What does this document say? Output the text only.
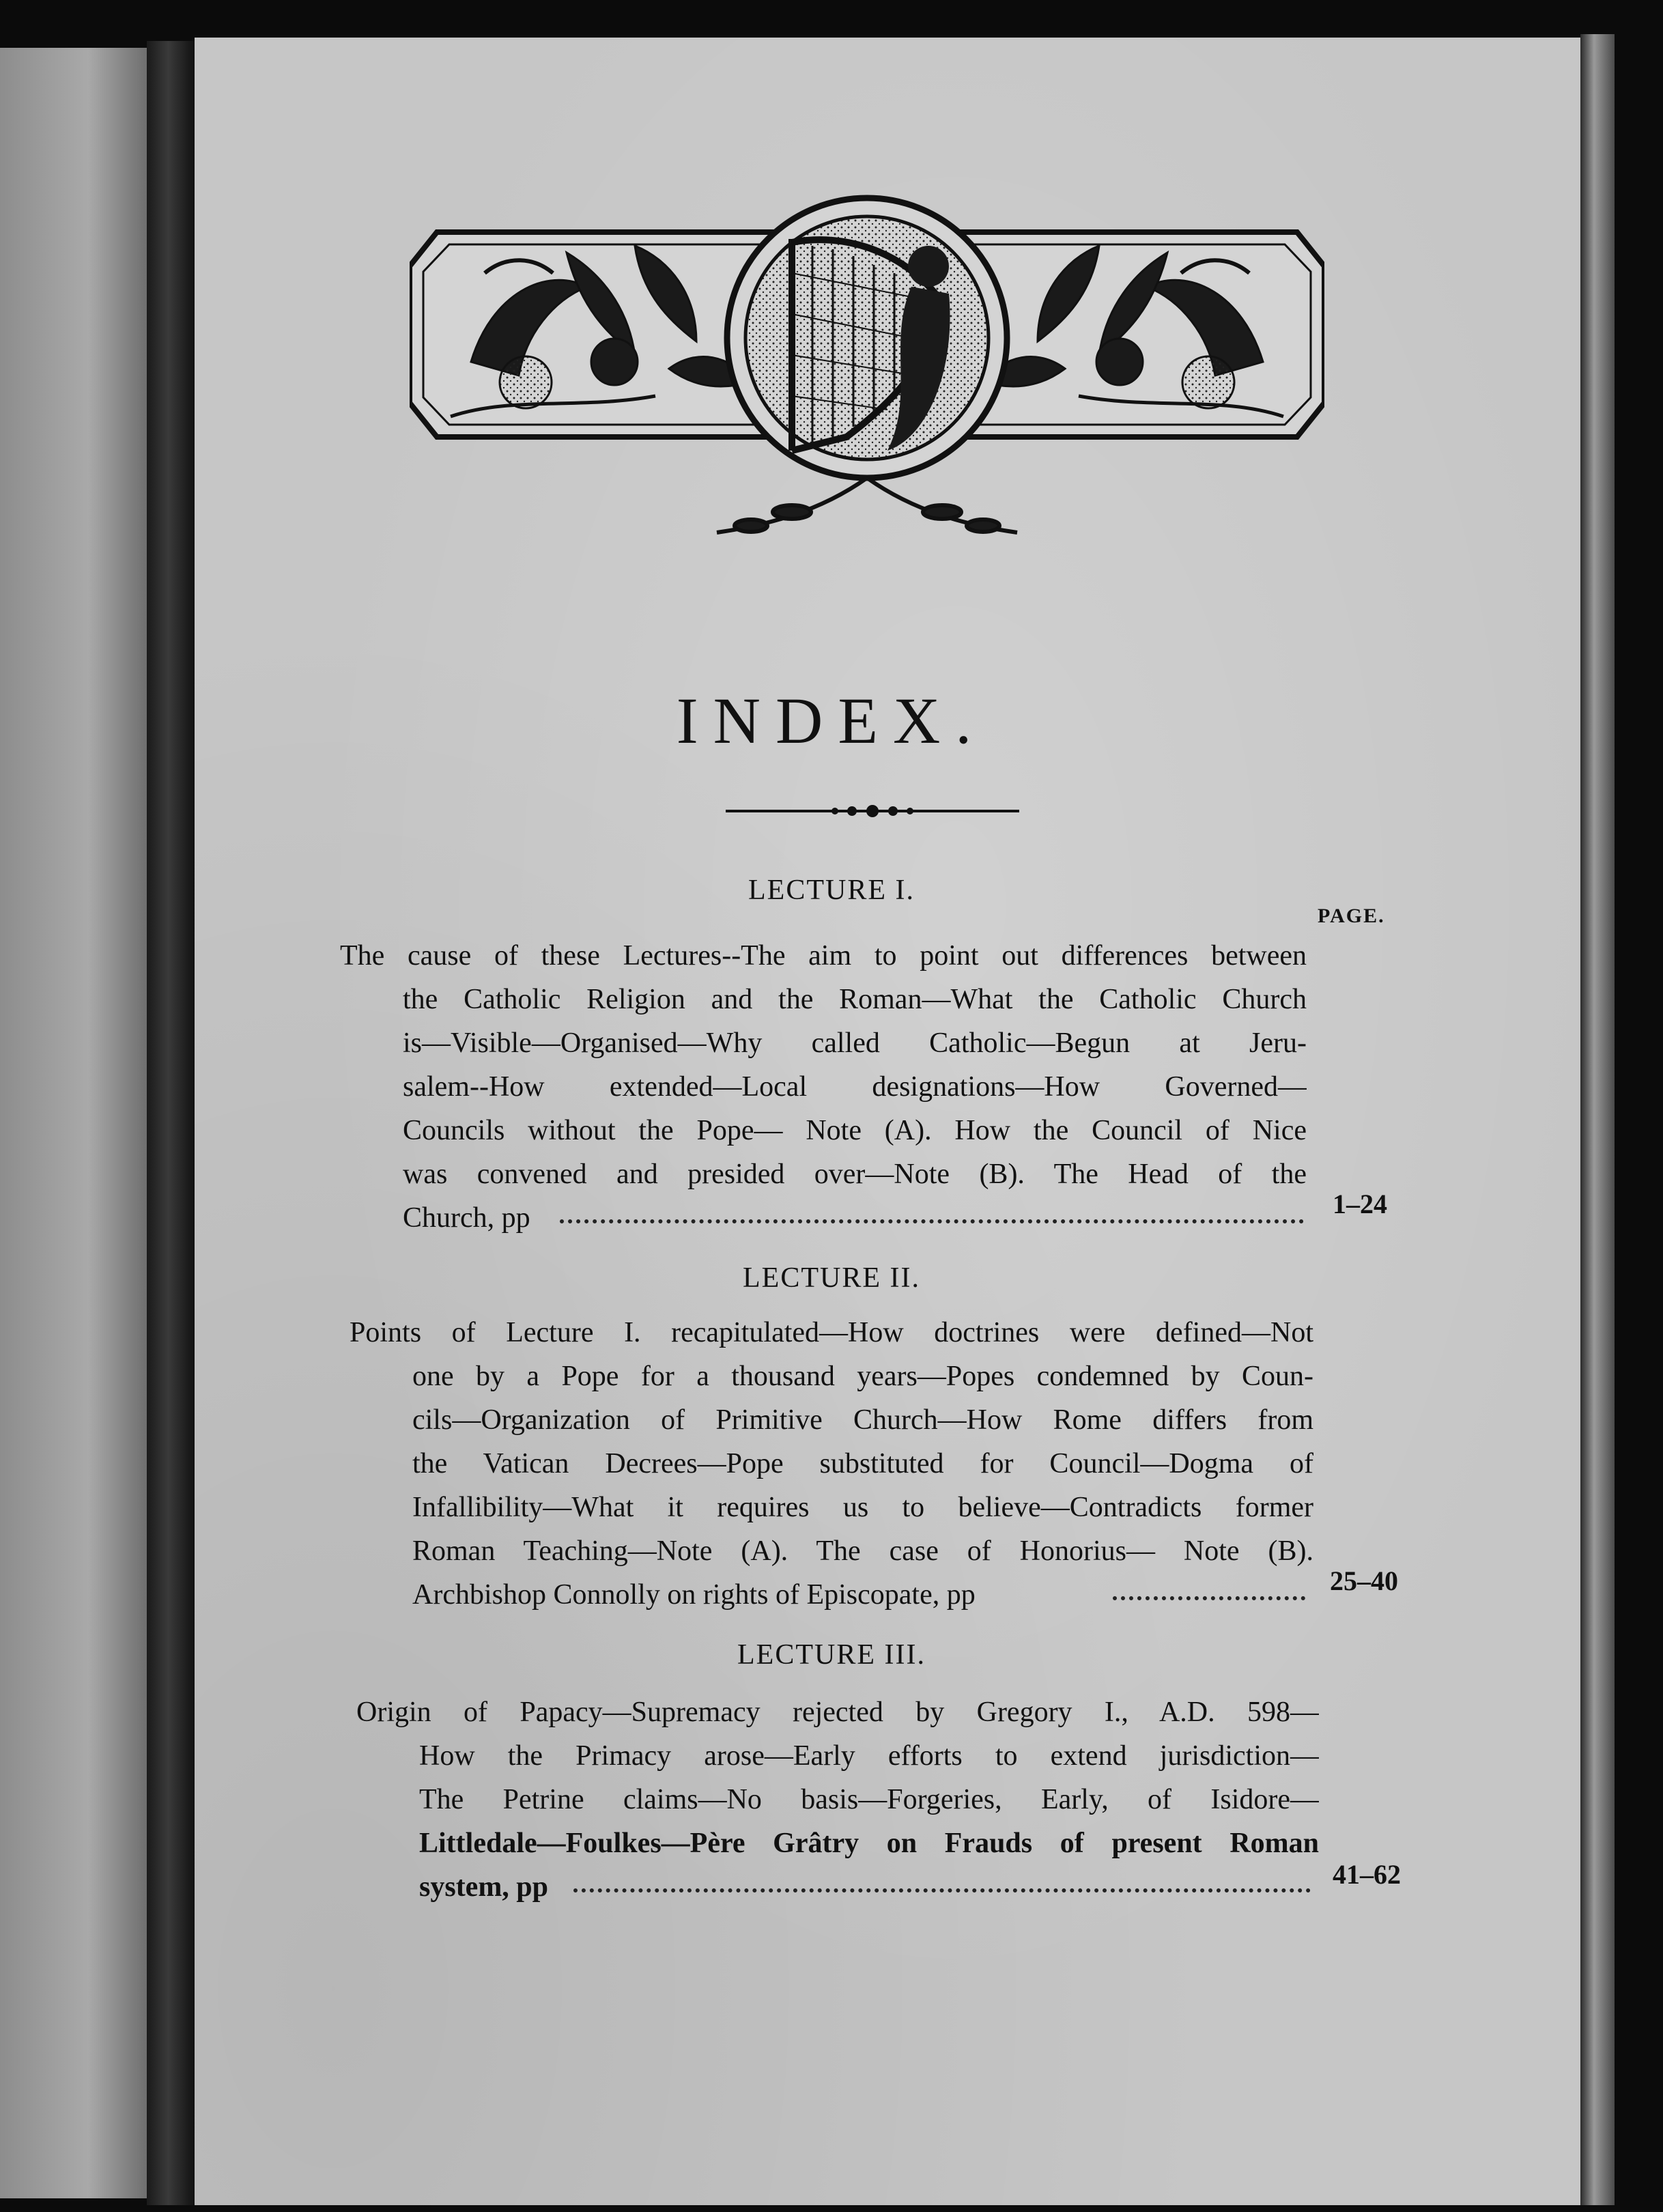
INDEX.
LECTURE I.
PAGE.
The cause of these Lectures--The aim to point out differences between
the Catholic Religion and the Roman—What the Catholic Church
is—Visible—Organised—Why called Catholic—Begun at Jeru-
salem--How extended—Local designations—How Governed—
Councils without the Pope— Note (A). How the Council of Nice
was convened and presided over—Note (B). The Head of the
Church, pp	1–24
LECTURE II.
Points of Lecture I. recapitulated—How doctrines were defined—Not
one by a Pope for a thousand years—Popes condemned by Coun-
cils—Organization of Primitive Church—How Rome differs from
the Vatican Decrees—Pope substituted for Council—Dogma of
Infallibility—What it requires us to believe—Contradicts former
Roman Teaching—Note (A). The case of Honorius— Note (B).
Archbishop Connolly on rights of Episcopate, pp	25–40
LECTURE III.
Origin of Papacy—Supremacy rejected by Gregory I., A.D. 598—
How the Primacy arose—Early efforts to extend jurisdiction—
The Petrine claims—No basis—Forgeries, Early, of Isidore—
Littledale—Foulkes—Père Grâtry on Frauds of present Roman
system, pp	41–62
